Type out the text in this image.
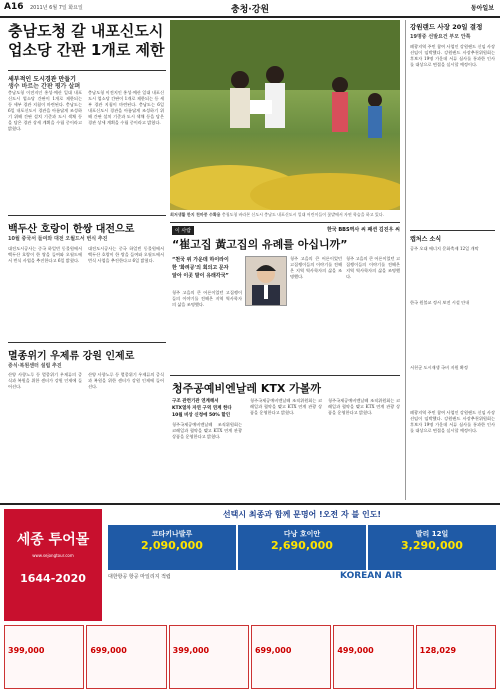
A16 2011년 6월 7일 화요일	충청·강원	동아일보
충남도청 갈 내포신도시
업소당 간판 1개로 제한
세부적인 도시경관 만들기
생수 바르는 간판 평가 살펴
충남도청 이전지인 홍성·예산 일대 내포신도시 업소당 간판이 1개로 제한되는 등 세부 경관 지침이 마련된다. 충남도는 6일 내포신도시 경관을 아름답게 조성하기 위해 간판 설치 기준과 도시 색채 등을 담은 경관 상세 계획을 수립 중이라고 밝혔다.
충남도청 이전지인 홍성·예산 일대 내포신도시 업소당 간판이 1개로 제한되는 등 세부 경관 지침이 마련된다. 충남도는 6일 내포신도시 경관을 아름답게 조성하기 위해 간판 설치 기준과 도시 색채 등을 담은 경관 상세 계획을 수립 중이라고 밝혔다.
최저생활 한지 천마풍 수확용 충청도청 바라본 신도시 충남도 내포신도시 일대 어린이들이 꽃밭에서 자연 학습을 하고 있다.
강원랜드 사장 20일 결정
19명중 선발요건 부모 안쪽
폐광지역 주민 참여 사업인 강원랜드 신임 사장 선임이 임박했다. 강원랜드 사장추천위원회는 후보자 19명 가운데 서류 심사를 통과한 인사를 대상으로 면접을 실시할 예정이다.
캡처스 소식
공주 오대 에너지 문화축제 12일 개막
한국 원불교 정서 보전 시설 안내
서천군 도시재생 국비 지원 확정
폐광지역 주민 참여 사업인 강원랜드 신임 사장 선임이 임박했다. 강원랜드 사장추천위원회는 후보자 19명 가운데 서류 심사를 통과한 인사를 대상으로 면접을 실시할 예정이다.
백두산 호랑이 한쌍 대전으로
10월 중국서 들여와 대전 오월드서 번식 추진
대전도시공사는 중국 하얼빈 동물원에서 백두산 호랑이 한 쌍을 들여와 오월드에서 번식 사업을 추진한다고 6일 밝혔다.
대전도시공사는 중국 하얼빈 동물원에서 백두산 호랑이 한 쌍을 들여와 오월드에서 번식 사업을 추진한다고 6일 밝혔다.
멸종위기 우제류 강원 인제로
증식·복원센터 설립 추진
산양 사향노루 등 멸종위기 우제류의 증식과 복원을 위한 센터가 강원 인제에 들어선다.
산양 사향노루 등 멸종위기 우제류의 증식과 복원을 위한 센터가 강원 인제에 들어선다.
이 사람	한국 BBS역사 씨 패션 김진우 씨
“崔고집 黃고집의 유례를 아십니까”
“천국 위 가운데 하이라이
한 '화려공'의 회의고 문자
알아 이곳 말이 유래각국”
청주 고을의 큰 어른이었던 고집쟁이들의 이야기를 전해온 지역 역사학자의 삶을 조명했다.
청주 고을의 큰 어른이었던 고집쟁이들의 이야기를 전해온 지역 역사학자의 삶을 조명했다.
청주 고을의 큰 어른이었던 고집쟁이들의 이야기를 전해온 지역 역사학자의 삶을 조명했다.
청주공예비엔날레 KTX 가볼까
구조 관련기관 연계해서
KTX열차 자연 구역 연계 한다
10월 비상 신청에 50% 할인
청주국제공예비엔날레 조직위원회는 코레일과 협약을 맺고 KTX 연계 관광 상품을 운영한다고 밝혔다.
청주국제공예비엔날레 조직위원회는 코레일과 협약을 맺고 KTX 연계 관광 상품을 운영한다고 밝혔다.
청주국제공예비엔날레 조직위원회는 코레일과 협약을 맺고 KTX 연계 관광 상품을 운영한다고 밝혔다.
세종 투어몰
www.sejongtour.com
1644-2020
선택시 최종과 함께 문명어 !오전 자 블 인도!
코타키나발루
2,090,000
다낭 호이안
2,690,000
발리 12일
3,290,000
대한항공 항공 마일리지 적립	KOREAN AIR
399,000	699,000	399,000	699,000	499,000	128,029
